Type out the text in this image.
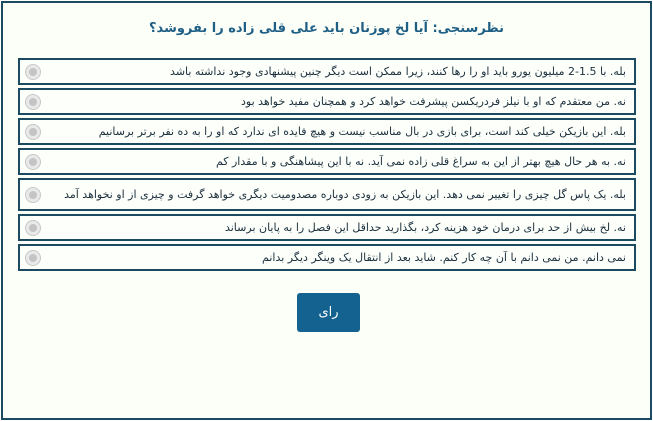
نظرسنجی: آیا لخ پوزنان باید علی قلی زاده را بفروشد؟
بله. با 1.5-2 میلیون یورو باید او را رها کنند، زیرا ممکن است دیگر چنین پیشنهادی وجود نداشته باشد
نه. من معتقدم که او با نیلز فردریکسن پیشرفت خواهد کرد و همچنان مفید خواهد بود
بله. این بازیکن خیلی کند است، برای بازی در بال مناسب نیست و هیچ فایده ای ندارد که او را به ده نفر برتر برسانیم
نه. به هر حال هیچ بهتر از این به سراغ قلی زاده نمی آید. نه با این پیشاهنگی و با مقدار کم
بله. یک پاس گل چیزی را تغییر نمی دهد. این بازیکن به زودی دوباره مصدومیت دیگری خواهد گرفت و چیزی از او نخواهد آمد
نه. لخ بیش از حد برای درمان خود هزینه کرد، بگذارید حداقل این فصل را به پایان برساند
نمی دانم. من نمی دانم با آن چه کار کنم. شاید بعد از انتقال یک وینگر دیگر بدانم
رای
